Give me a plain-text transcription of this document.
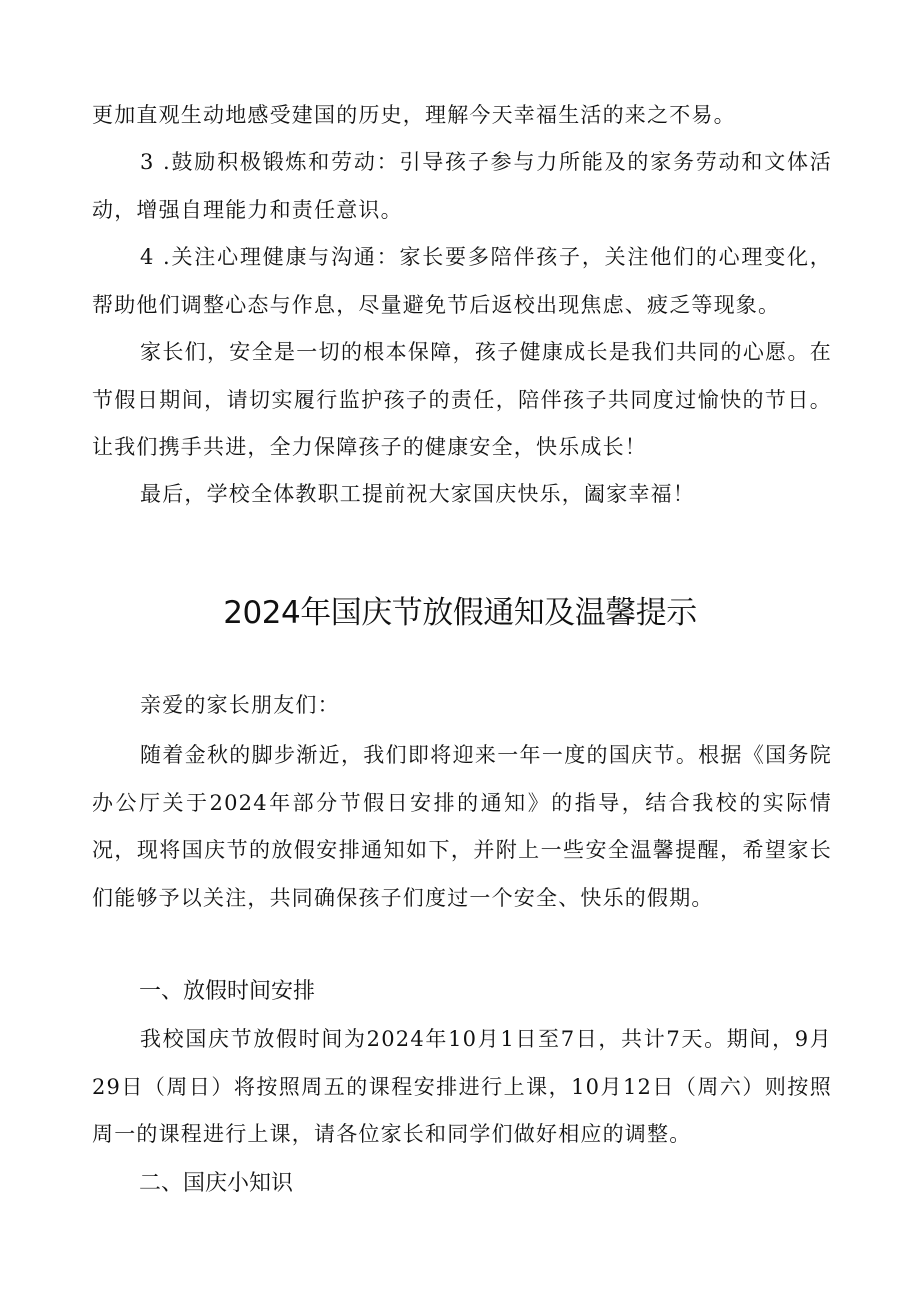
更加直观生动地感受建国的历史，理解今天幸福生活的来之不易。

3 .鼓励积极锻炼和劳动：引导孩子参与力所能及的家务劳动和文体活动，增强自理能力和责任意识。

4 .关注心理健康与沟通：家长要多陪伴孩子，关注他们的心理变化，帮助他们调整心态与作息，尽量避免节后返校出现焦虑、疲乏等现象。

家长们，安全是一切的根本保障，孩子健康成长是我们共同的心愿。在节假日期间，请切实履行监护孩子的责任，陪伴孩子共同度过愉快的节日。让我们携手共进，全力保障孩子的健康安全，快乐成长！

最后，学校全体教职工提前祝大家国庆快乐，阖家幸福！

2024年国庆节放假通知及温馨提示

亲爱的家长朋友们：

随着金秋的脚步渐近，我们即将迎来一年一度的国庆节。根据《国务院办公厅关于2024年部分节假日安排的通知》的指导，结合我校的实际情况，现将国庆节的放假安排通知如下，并附上一些安全温馨提醒，希望家长们能够予以关注，共同确保孩子们度过一个安全、快乐的假期。

一、放假时间安排

我校国庆节放假时间为2024年10月1日至7日，共计7天。期间，9月29日（周日）将按照周五的课程安排进行上课，10月12日（周六）则按照周一的课程进行上课，请各位家长和同学们做好相应的调整。

二、国庆小知识
